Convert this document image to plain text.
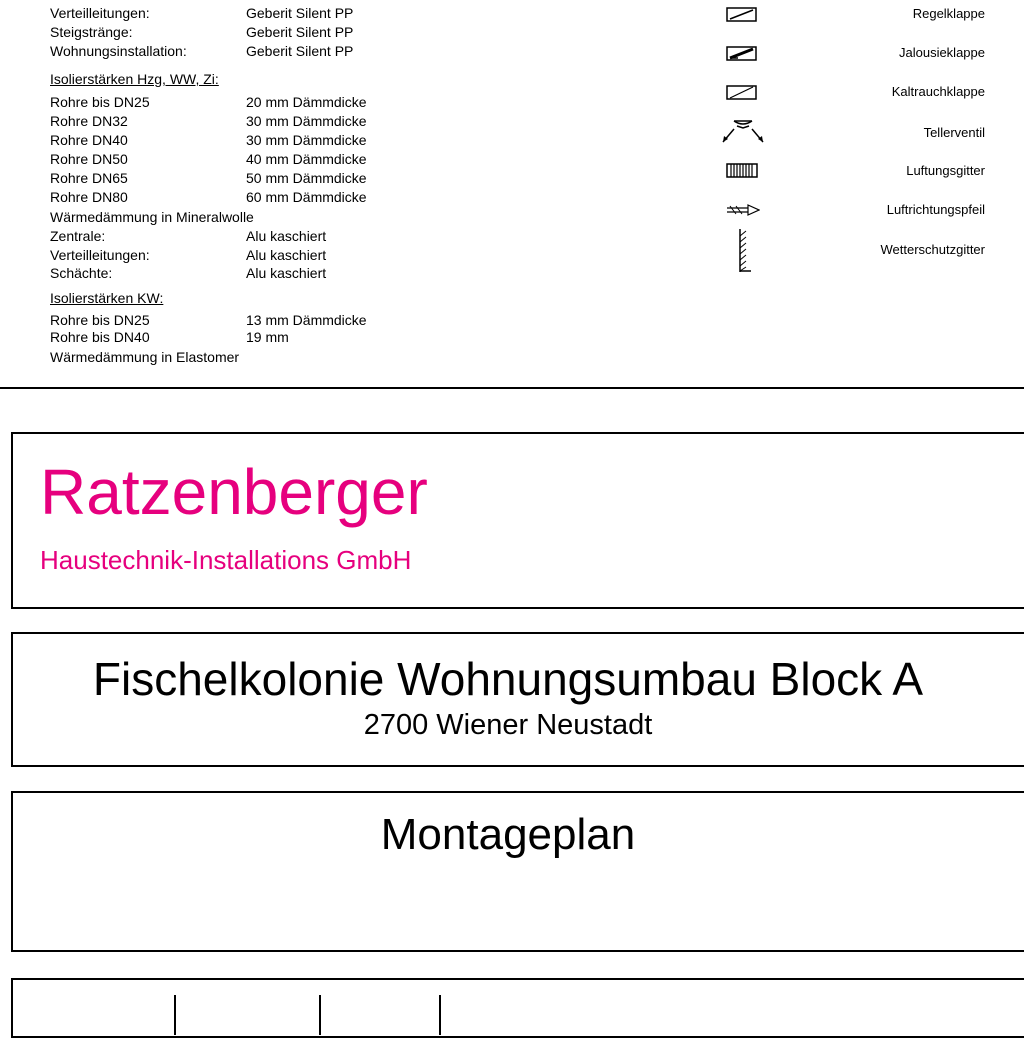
Verteilleitungen:	Geberit Silent PP
Steigstränge:	Geberit Silent PP
Wohnungsinstallation:	Geberit Silent PP
Isolierstärken Hzg, WW, Zi:
Rohre bis DN25	20 mm Dämmdicke
Rohre DN32	30 mm Dämmdicke
Rohre DN40	30 mm Dämmdicke
Rohre DN50	40 mm Dämmdicke
Rohre DN65	50 mm Dämmdicke
Rohre DN80	60 mm Dämmdicke
Wärmedämmung in Mineralwolle
Zentrale:	Alu kaschiert
Verteilleitungen:	Alu kaschiert
Schächte:	Alu kaschiert
Isolierstärken KW:
Rohre bis DN25	13 mm Dämmdicke
Rohre bis DN40	19 mm
Wärmedämmung in Elastomer
Regelklappe
Jalousieklappe
Kaltrauchklappe
Tellerventil
Luftungsgitter
Luftrichtungspfeil
Wetterschutzgitter
Ratzenberger
Haustechnik-Installations GmbH
Fischelkolonie Wohnungsumbau Block A
2700 Wiener Neustadt
Montageplan
